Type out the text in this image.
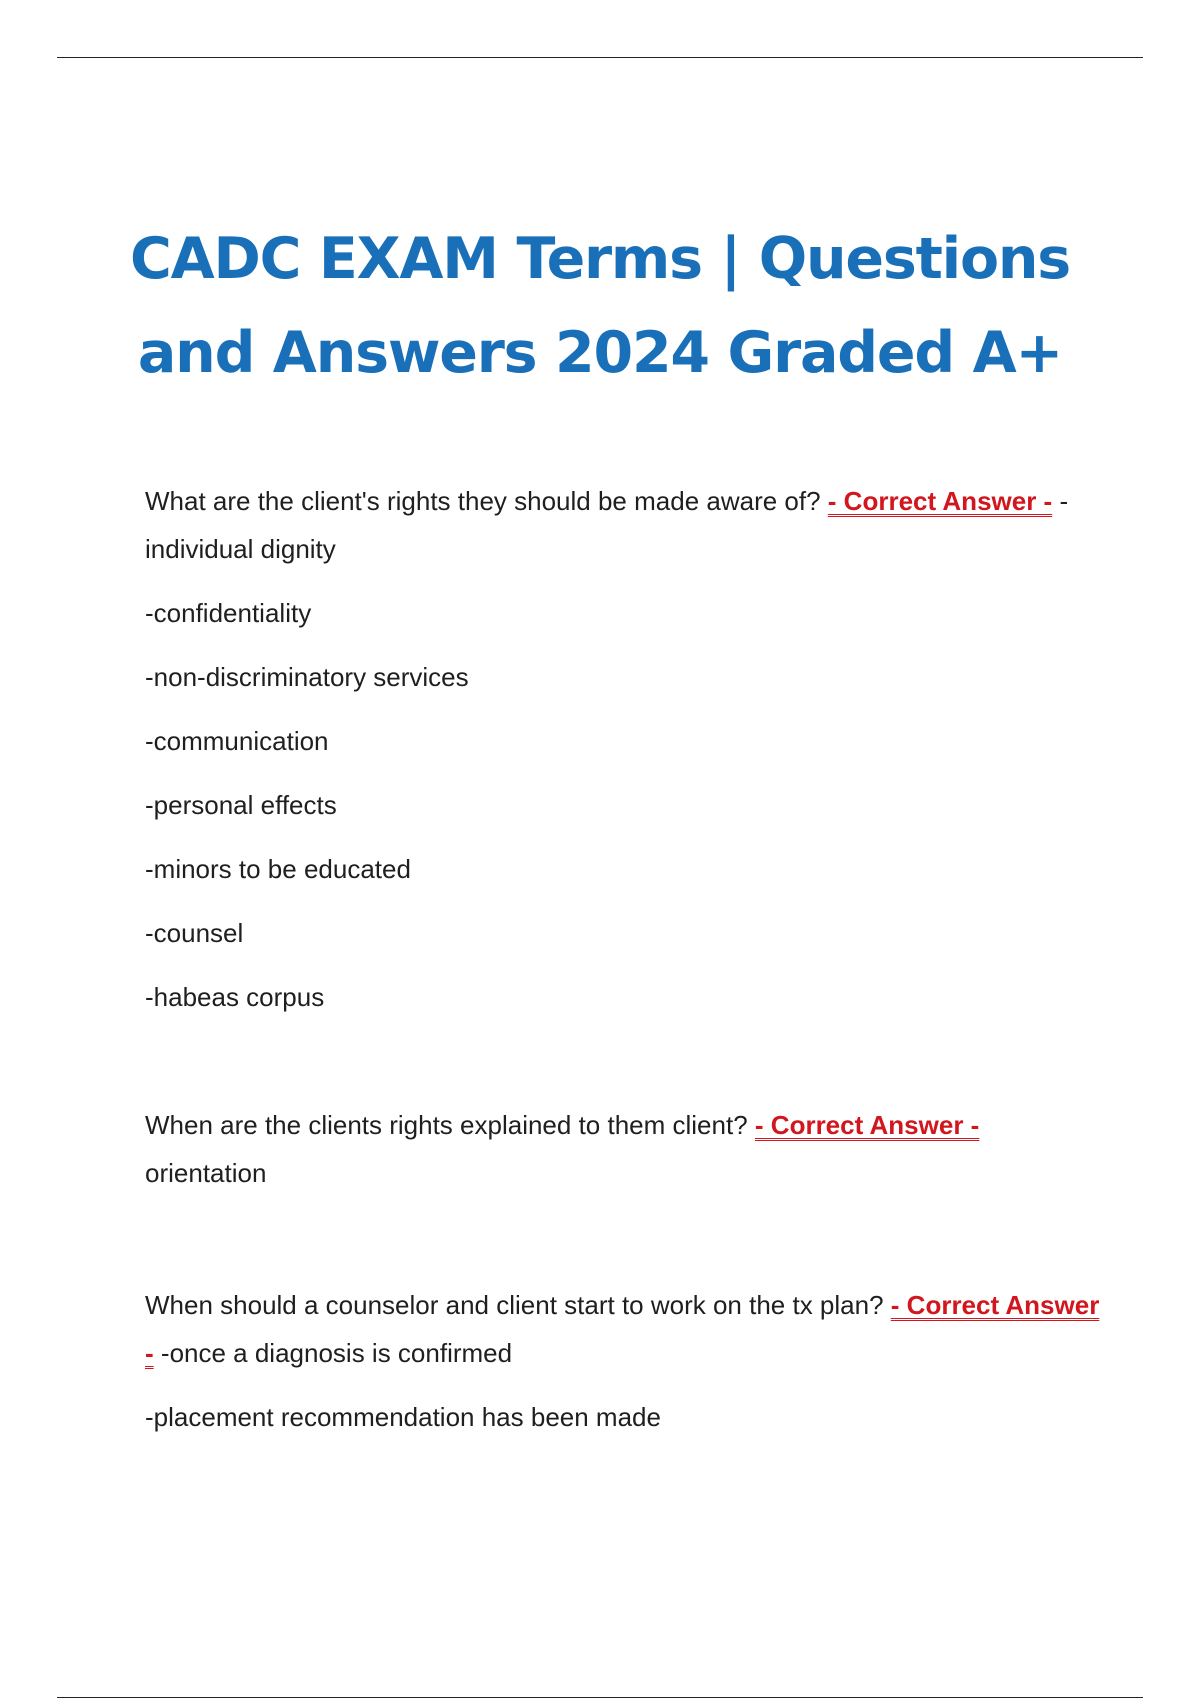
CADC EXAM Terms | Questions
and Answers 2024 Graded A+

What are the client's rights they should be made aware of? - Correct Answer - -individual dignity

-confidentiality

-non-discriminatory services

-communication

-personal effects

-minors to be educated

-counsel

-habeas corpus

When are the clients rights explained to them client? - Correct Answer - orientation

When should a counselor and client start to work on the tx plan? - Correct Answer - -once a diagnosis is confirmed

-placement recommendation has been made
